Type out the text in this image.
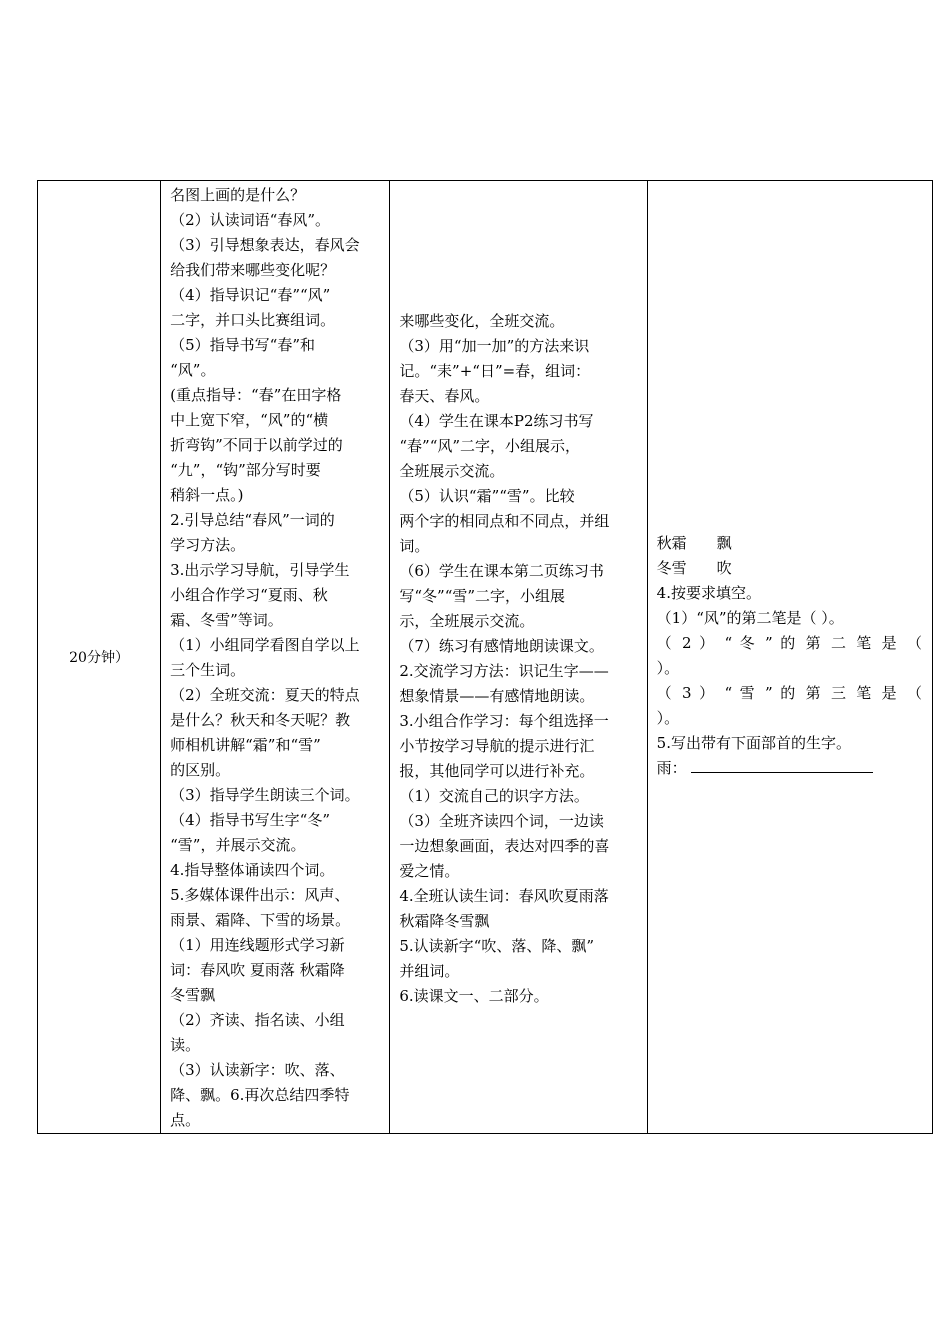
20分钟）	
名图上画的是什么？
（2）认读词语“春风”。
（3）引导想象表达，春风会
给我们带来哪些变化呢？
（4）指导识记“春”“风”
二字，并口头比赛组词。
（5）指导书写“春”和
“风”。
(重点指导：“春”在田字格
中上宽下窄，“风”的“横
折弯钩”不同于以前学过的
“九”，“钩”部分写时要
稍斜一点。)
2.引导总结“春风”一词的
学习方法。
3.出示学习导航，引导学生
小组合作学习“夏雨、秋
霜、冬雪”等词。
（1）小组同学看图自学以上
三个生词。
（2）全班交流：夏天的特点
是什么？秋天和冬天呢？教
师相机讲解“霜”和“雪”
的区别。
（3）指导学生朗读三个词。
（4）指导书写生字“冬”
“雪”，并展示交流。
4.指导整体诵读四个词。
5.多媒体课件出示：风声、
雨景、霜降、下雪的场景。
（1）用连线题形式学习新
词：春风吹 夏雨落 秋霜降
冬雪飘
（2）齐读、指名读、小组
读。
（3）认读新字：吹、落、
降、飘。6.再次总结四季特
点。

来哪些变化，全班交流。
（3）用“加一加”的方法来识
记。“耒”+“日”=春，组词：
春天、春风。
（4）学生在课本P2练习书写
“春”“风”二字，小组展示，
全班展示交流。
（5）认识“霜”“雪”。比较
两个字的相同点和不同点，并组
词。
（6）学生在课本第二页练习书
写“冬”“雪”二字，小组展
示，全班展示交流。
（7）练习有感情地朗读课文。
2.交流学习方法：识记生字——
想象情景——有感情地朗读。
3.小组合作学习：每个组选择一
小节按学习导航的提示进行汇
报，其他同学可以进行补充。
（1）交流自己的识字方法。
（3）全班齐读四个词，一边读
一边想象画面，表达对四季的喜
爱之情。
4.全班认读生词：春风吹夏雨落
秋霜降冬雪飘
5.认读新字“吹、落、降、飘”
并组词。
6.读课文一、二部分。

秋霜 飘
冬雪 吹
4.按要求填空。
（1）“风”的第二笔是（ ）。
（ 2 ） “ 冬 ” 的 第 二 笔 是 （
）。
（ 3 ） “ 雪 ” 的 第 三 笔 是 （
）。
5.写出带有下面部首的生字。
雨：
